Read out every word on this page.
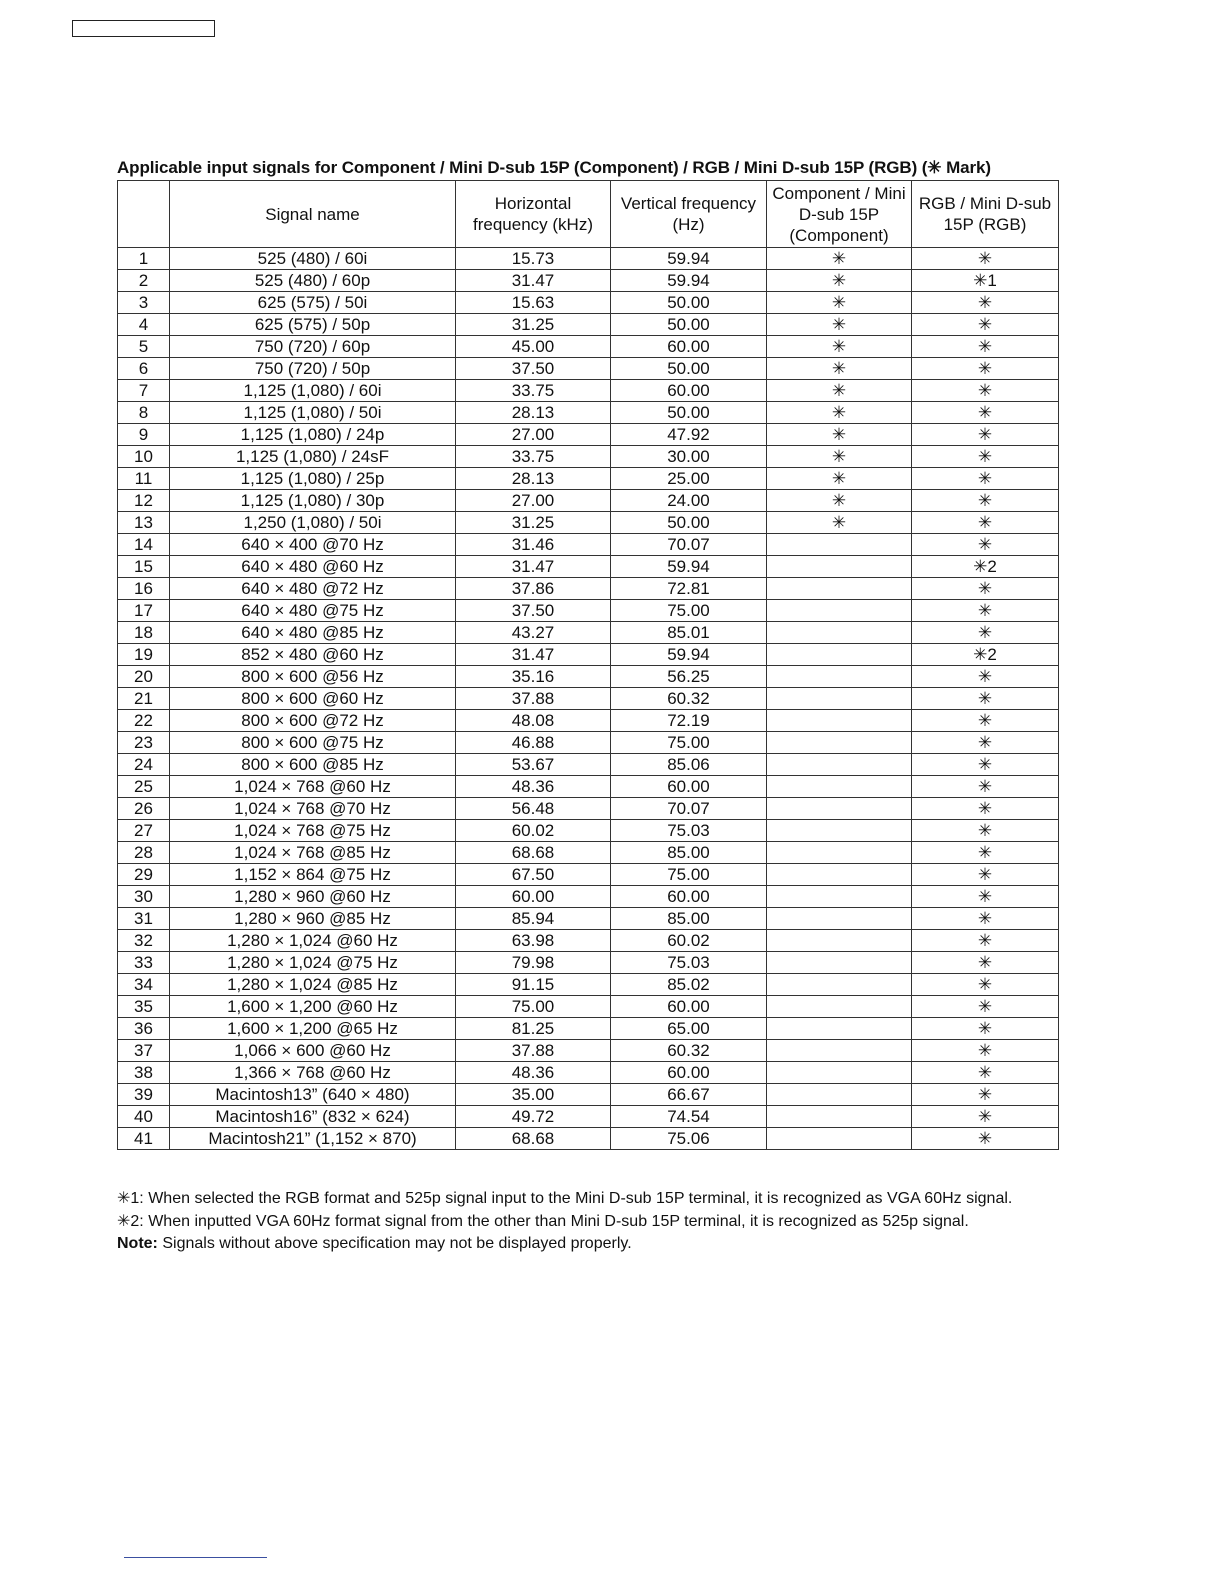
Applicable input signals for Component / Mini D-sub 15P (Component) / RGB / Mini D-sub 15P (RGB) (✳ Mark)
	Signal name	Horizontal frequency (kHz)	Vertical frequency (Hz)	Component / Mini D-sub 15P (Component)	RGB / Mini D-sub 15P (RGB)
1	525 (480) / 60i	15.73	59.94	✳	✳
2	525 (480) / 60p	31.47	59.94	✳	✳1
3	625 (575) / 50i	15.63	50.00	✳	✳
4	625 (575) / 50p	31.25	50.00	✳	✳
5	750 (720) / 60p	45.00	60.00	✳	✳
6	750 (720) / 50p	37.50	50.00	✳	✳
7	1,125 (1,080) / 60i	33.75	60.00	✳	✳
8	1,125 (1,080) / 50i	28.13	50.00	✳	✳
9	1,125 (1,080) / 24p	27.00	47.92	✳	✳
10	1,125 (1,080) / 24sF	33.75	30.00	✳	✳
11	1,125 (1,080) / 25p	28.13	25.00	✳	✳
12	1,125 (1,080) / 30p	27.00	24.00	✳	✳
13	1,250 (1,080) / 50i	31.25	50.00	✳	✳
14	640 × 400 @70 Hz	31.46	70.07		✳
15	640 × 480 @60 Hz	31.47	59.94		✳2
16	640 × 480 @72 Hz	37.86	72.81		✳
17	640 × 480 @75 Hz	37.50	75.00		✳
18	640 × 480 @85 Hz	43.27	85.01		✳
19	852 × 480 @60 Hz	31.47	59.94		✳2
20	800 × 600 @56 Hz	35.16	56.25		✳
21	800 × 600 @60 Hz	37.88	60.32		✳
22	800 × 600 @72 Hz	48.08	72.19		✳
23	800 × 600 @75 Hz	46.88	75.00		✳
24	800 × 600 @85 Hz	53.67	85.06		✳
25	1,024 × 768 @60 Hz	48.36	60.00		✳
26	1,024 × 768 @70 Hz	56.48	70.07		✳
27	1,024 × 768 @75 Hz	60.02	75.03		✳
28	1,024 × 768 @85 Hz	68.68	85.00		✳
29	1,152 × 864 @75 Hz	67.50	75.00		✳
30	1,280 × 960 @60 Hz	60.00	60.00		✳
31	1,280 × 960 @85 Hz	85.94	85.00		✳
32	1,280 × 1,024 @60 Hz	63.98	60.02		✳
33	1,280 × 1,024 @75 Hz	79.98	75.03		✳
34	1,280 × 1,024 @85 Hz	91.15	85.02		✳
35	1,600 × 1,200 @60 Hz	75.00	60.00		✳
36	1,600 × 1,200 @65 Hz	81.25	65.00		✳
37	1,066 × 600 @60 Hz	37.88	60.32		✳
38	1,366 × 768 @60 Hz	48.36	60.00		✳
39	Macintosh13” (640 × 480)	35.00	66.67		✳
40	Macintosh16” (832 × 624)	49.72	74.54		✳
41	Macintosh21” (1,152 × 870)	68.68	75.06		✳
✳1: When selected the RGB format and 525p signal input to the Mini D-sub 15P terminal, it is recognized as VGA 60Hz signal.
✳2: When inputted VGA 60Hz format signal from the other than Mini D-sub 15P terminal, it is recognized as 525p signal.
Note: Signals without above specification may not be displayed properly.
